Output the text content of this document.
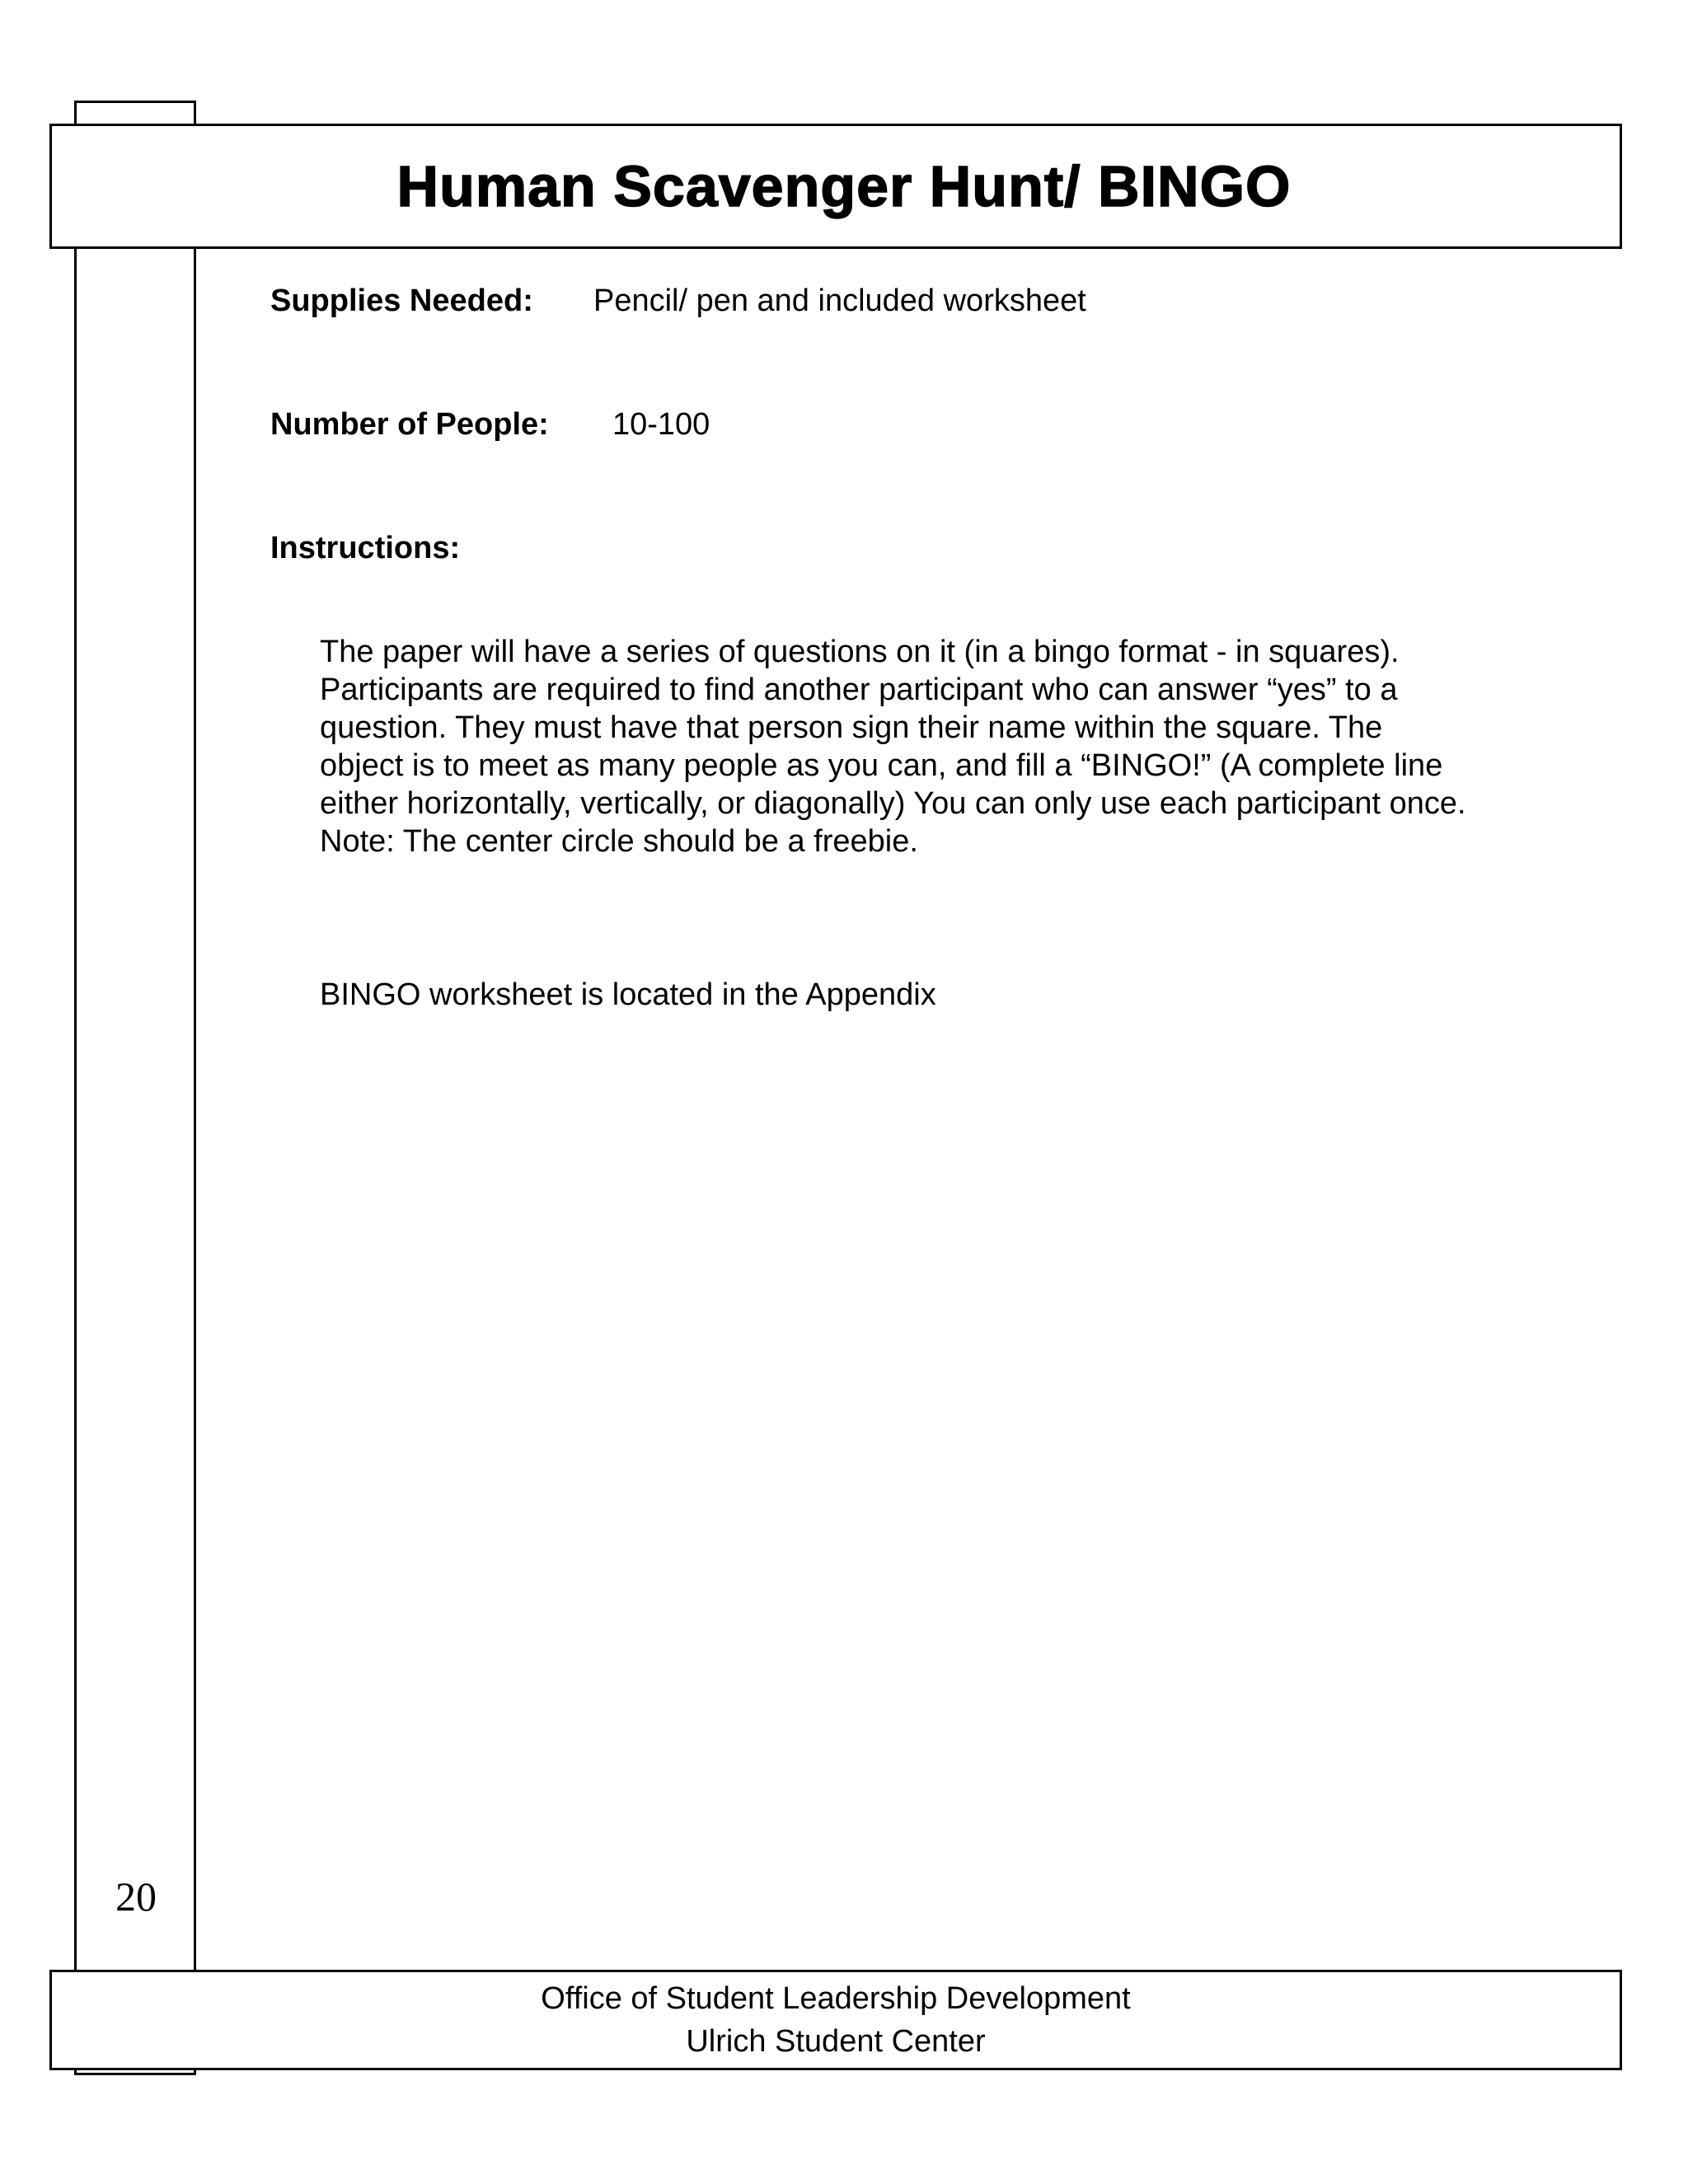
Human Scavenger Hunt/ BINGO
Supplies Needed: Pencil/ pen and included worksheet
Number of People: 10-100
Instructions:

The paper will have a series of questions on it (in a bingo format - in squares).

Participants are required to find another participant who can answer “yes” to a

question. They must have that person sign their name within the square. The

object is to meet as many people as you can, and fill a “BINGO!” (A complete line

either horizontally, vertically, or diagonally) You can only use each participant once.

Note: The center circle should be a freebie.

BINGO worksheet is located in the Appendix
20
Office of Student Leadership Development
Ulrich Student Center
